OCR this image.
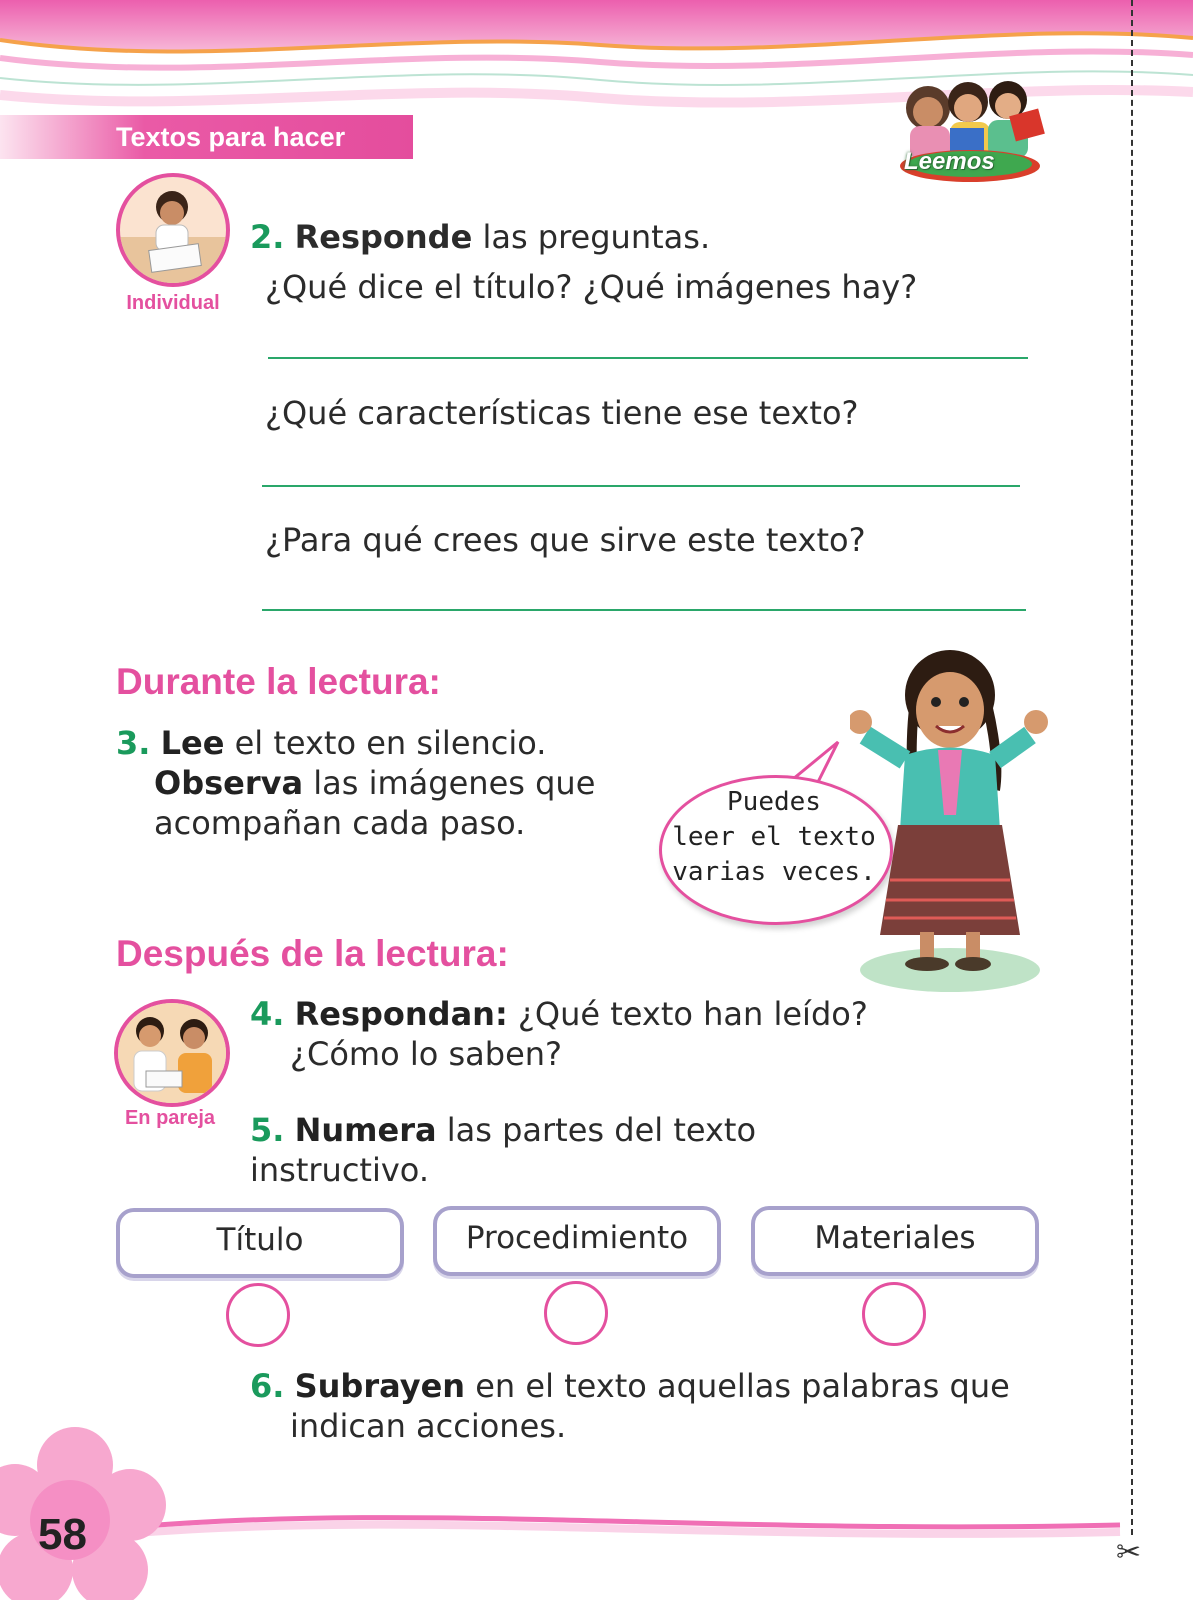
Textos para hacer
Leemos
Individual
2. Responde las preguntas.
¿Qué dice el título? ¿Qué imágenes hay?
¿Qué características tiene ese texto?
¿Para qué crees que sirve este texto?
Durante la lectura:
3. Lee el texto en silencio.
Observa las imágenes que
acompañan cada paso.
Puedes
leer el texto
varias veces.
Después de la lectura:
En pareja
4. Respondan: ¿Qué texto han leído?
¿Cómo lo saben?
5. Numera las partes del texto instructivo.
Título	Procedimiento	Materiales
6. Subrayen en el texto aquellas palabras que
indican acciones.
✂
58
